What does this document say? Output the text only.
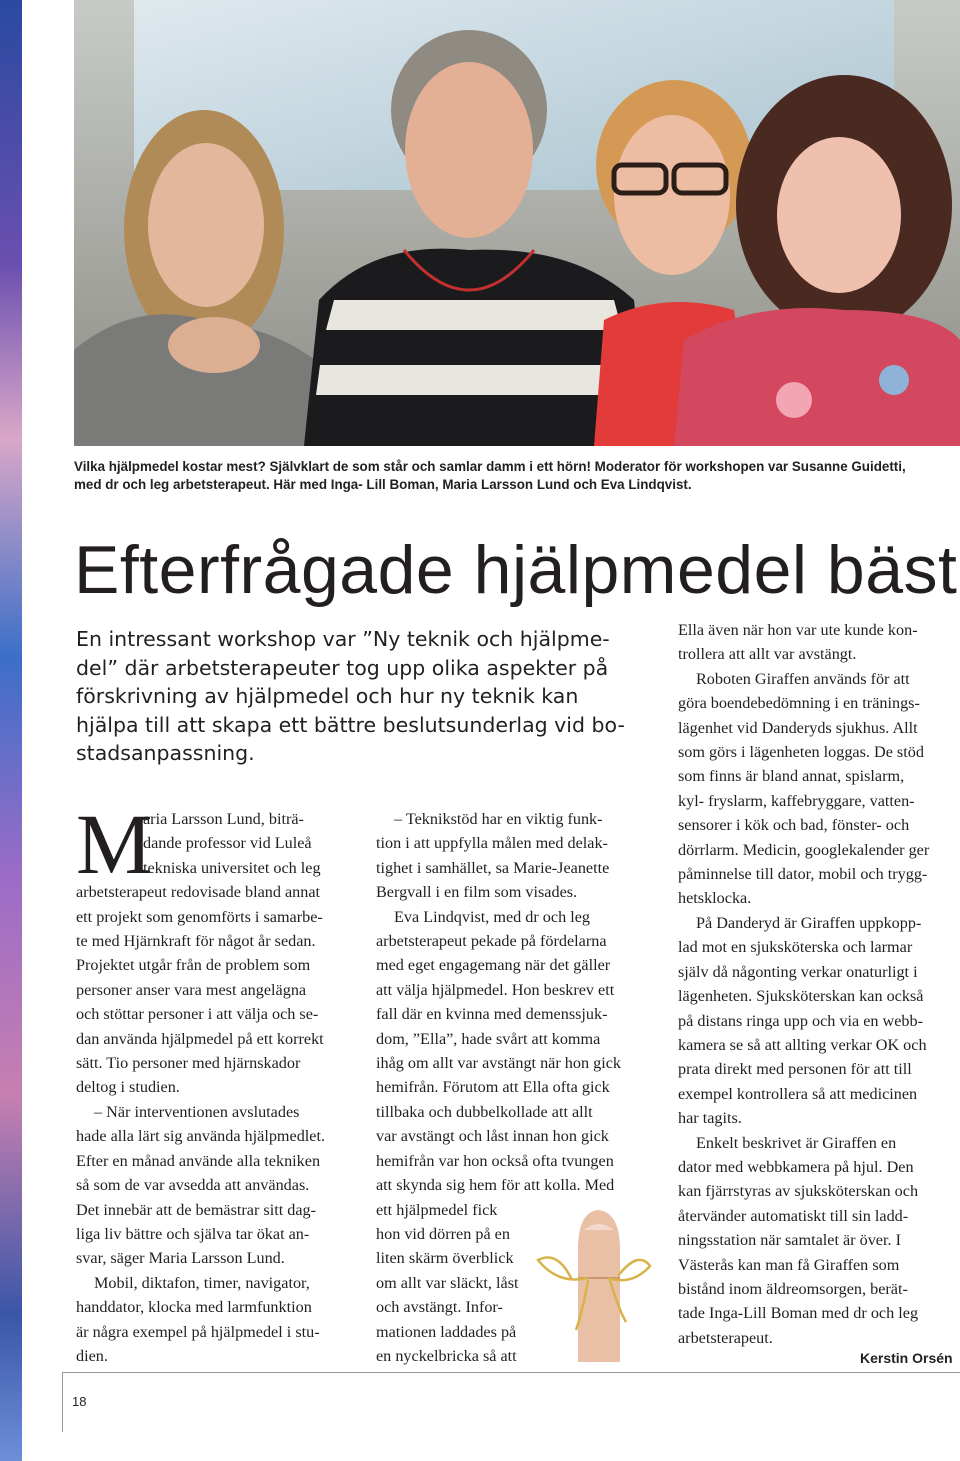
Vilka hjälpmedel kostar mest? Självklart de som står och samlar damm i ett hörn! Moderator för workshopen var Susanne Guidetti,
med dr och leg arbetsterapeut. Här med Inga- Lill Boman, Maria Larsson Lund och Eva Lindqvist.
Efterfrågade hjälpmedel bäst
En intressant workshop var ”Ny teknik och hjälpme-
del” där arbetsterapeuter tog upp olika aspekter på
förskrivning av hjälpmedel och hur ny teknik kan
hjälpa till att skapa ett bättre beslutsunderlag vid bo-
stadsanpassning.
M
aria Larsson Lund, biträ-
dande professor vid Luleå
tekniska universitet och leg
arbetsterapeut redovisade bland annat
ett projekt som genomförts i samarbe-
te med Hjärnkraft för något år sedan.
Projektet utgår från de problem som
personer anser vara mest angelägna
och stöttar personer i att välja och se-
dan använda hjälpmedel på ett korrekt
sätt. Tio personer med hjärnskador
deltog i studien.
– När interventionen avslutades
hade alla lärt sig använda hjälpmedlet.
Efter en månad använde alla tekniken
så som de var avsedda att användas.
Det innebär att de bemästrar sitt dag-
liga liv bättre och själva tar ökat an-
svar, säger Maria Larsson Lund.
Mobil, diktafon, timer, navigator,
handdator, klocka med larmfunktion
är några exempel på hjälpmedel i stu-
dien.
– Teknikstöd har en viktig funk-
tion i att uppfylla målen med delak-
tighet i samhället, sa Marie-Jeanette
Bergvall i en film som visades.
Eva Lindqvist, med dr och leg
arbetsterapeut pekade på fördelarna
med eget engagemang när det gäller
att välja hjälpmedel. Hon beskrev ett
fall där en kvinna med demenssjuk-
dom, ”Ella”, hade svårt att komma
ihåg om allt var avstängt när hon gick
hemifrån. Förutom att Ella ofta gick
tillbaka och dubbelkollade att allt
var avstängt och låst innan hon gick
hemifrån var hon också ofta tvungen
att skynda sig hem för att kolla. Med
ett hjälpmedel fick
hon vid dörren på en
liten skärm överblick
om allt var släckt, låst
och avstängt. Infor-
mationen laddades på
en nyckelbricka så att
Ella även när hon var ute kunde kon-
trollera att allt var avstängt.
Roboten Giraffen används för att
göra boendebedömning i en tränings-
lägenhet vid Danderyds sjukhus. Allt
som görs i lägenheten loggas. De stöd
som finns är bland annat, spislarm,
kyl- fryslarm, kaffebryggare, vatten-
sensorer i kök och bad, fönster- och
dörrlarm. Medicin, googlekalender ger
påminnelse till dator, mobil och trygg-
hetsklocka.
På Danderyd är Giraffen uppkopp-
lad mot en sjuksköterska och larmar
själv då någonting verkar onaturligt i
lägenheten. Sjuksköterskan kan också
på distans ringa upp och via en webb-
kamera se så att allting verkar OK och
prata direkt med personen för att till
exempel kontrollera så att medicinen
har tagits.
Enkelt beskrivet är Giraffen en
dator med webbkamera på hjul. Den
kan fjärrstyras av sjuksköterskan och
återvänder automatiskt till sin ladd-
ningsstation när samtalet är över. I
Västerås kan man få Giraffen som
bistånd inom äldreomsorgen, berät-
tade Inga-Lill Boman med dr och leg
arbetsterapeut.
Kerstin Orsén
18
